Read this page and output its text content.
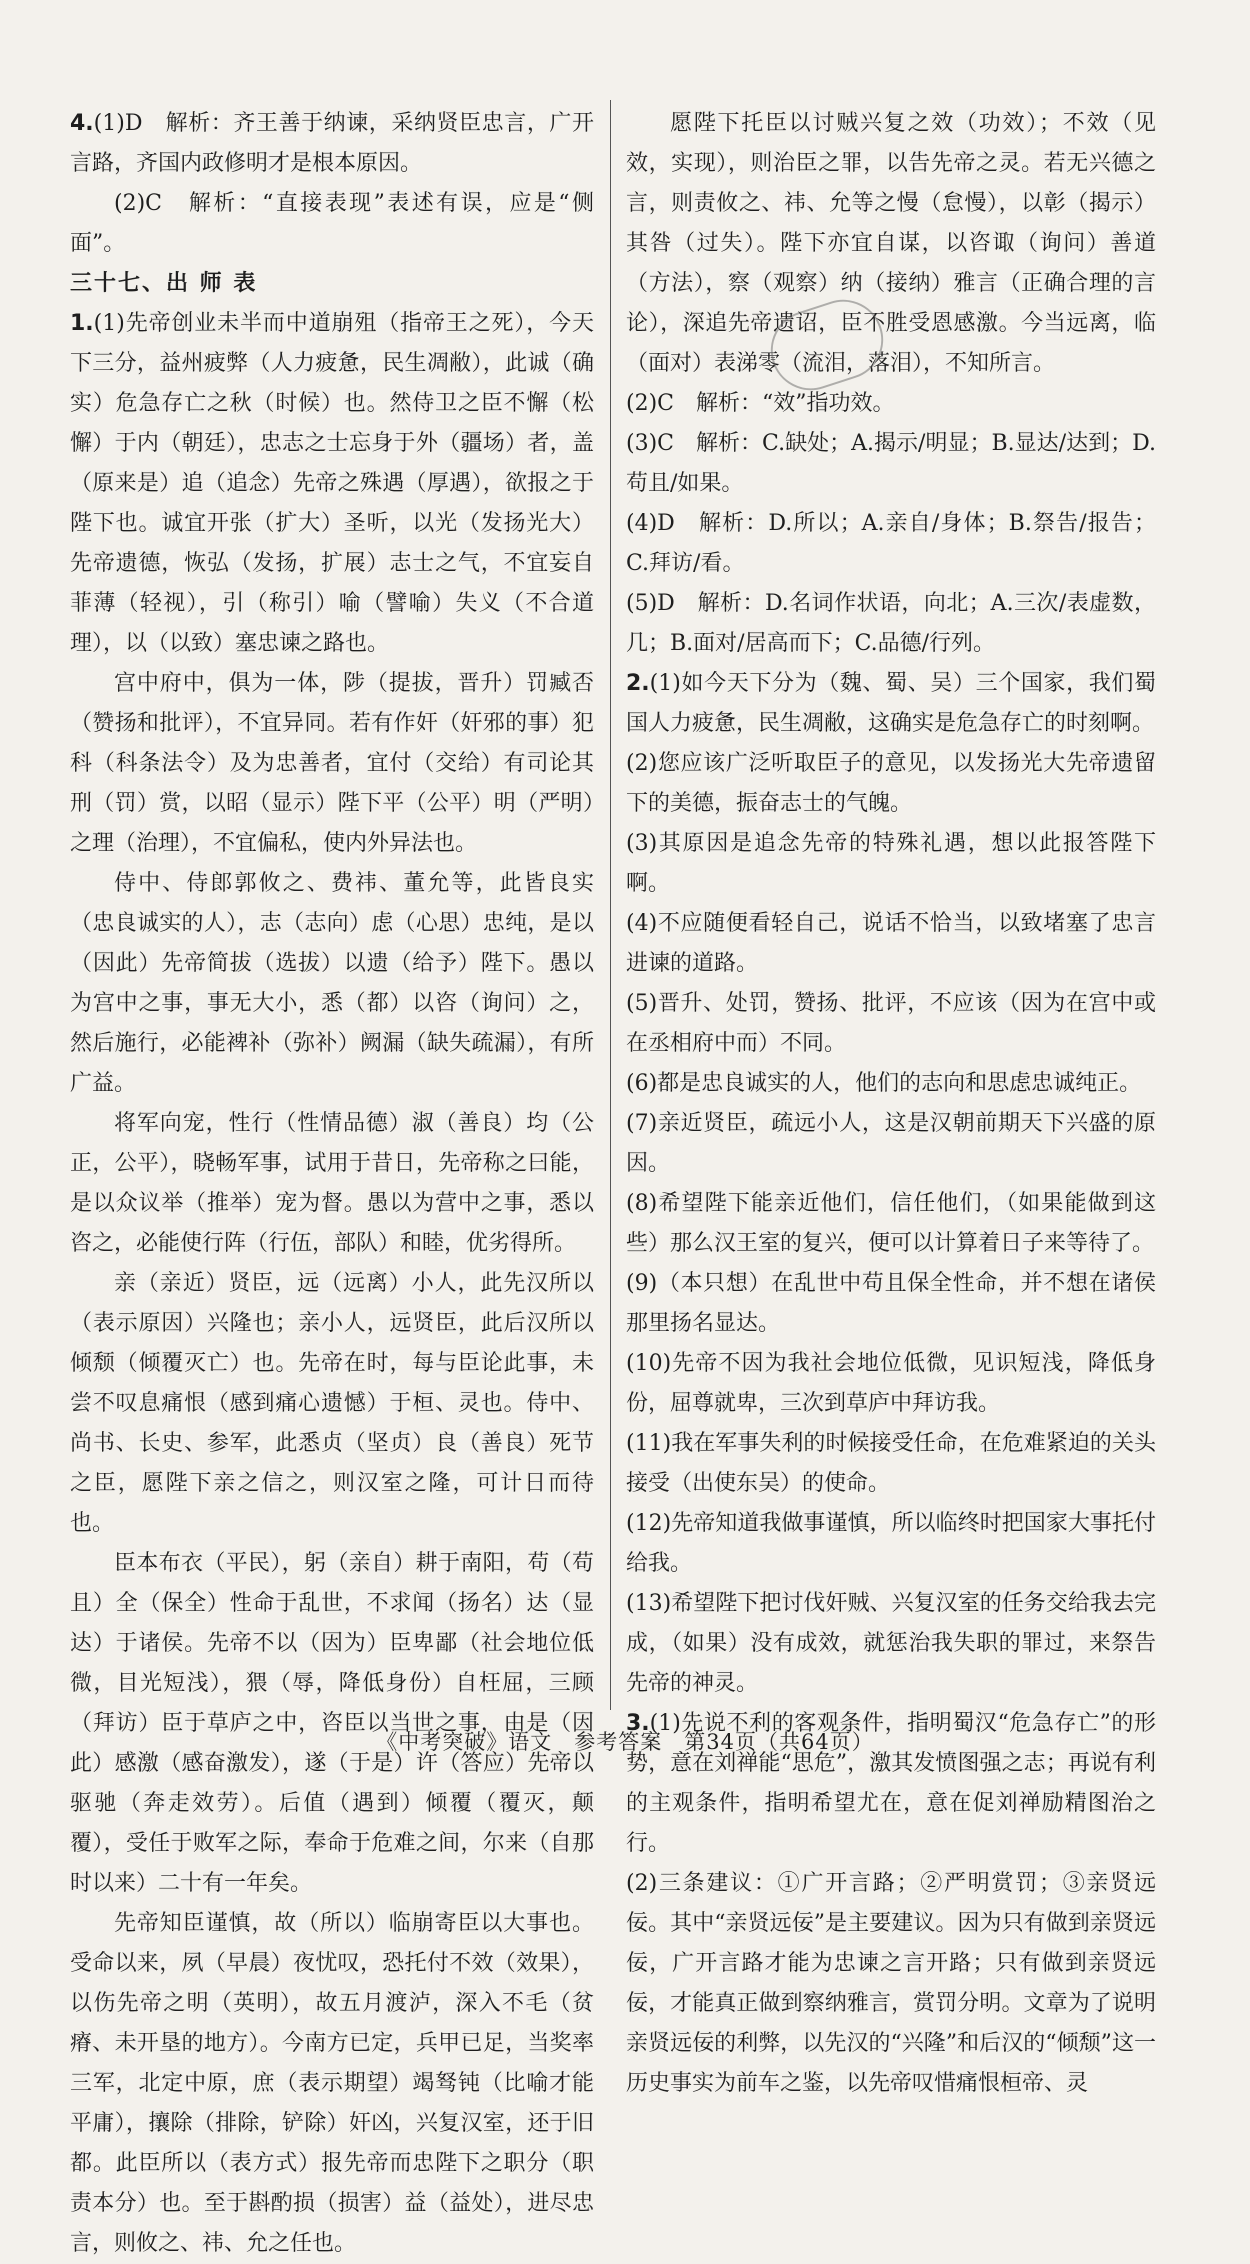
4.(1)D　解析：齐王善于纳谏，采纳贤臣忠言，广开言路，齐国内政修明才是根本原因。

(2)C　解析：“直接表现”表述有误，应是“侧面”。

三十七、出 师 表

1.(1)先帝创业未半而中道崩殂（指帝王之死），今天下三分，益州疲弊（人力疲惫，民生凋敝），此诚（确实）危急存亡之秋（时候）也。然侍卫之臣不懈（松懈）于内（朝廷），忠志之士忘身于外（疆场）者，盖（原来是）追（追念）先帝之殊遇（厚遇），欲报之于陛下也。诚宜开张（扩大）圣听，以光（发扬光大）先帝遗德，恢弘（发扬，扩展）志士之气，不宜妄自菲薄（轻视），引（称引）喻（譬喻）失义（不合道理），以（以致）塞忠谏之路也。

宫中府中，俱为一体，陟（提拔，晋升）罚臧否（赞扬和批评），不宜异同。若有作奸（奸邪的事）犯科（科条法令）及为忠善者，宜付（交给）有司论其刑（罚）赏，以昭（显示）陛下平（公平）明（严明）之理（治理），不宜偏私，使内外异法也。

侍中、侍郎郭攸之、费祎、董允等，此皆良实（忠良诚实的人），志（志向）虑（心思）忠纯，是以（因此）先帝简拔（选拔）以遗（给予）陛下。愚以为宫中之事，事无大小，悉（都）以咨（询问）之，然后施行，必能裨补（弥补）阙漏（缺失疏漏），有所广益。

将军向宠，性行（性情品德）淑（善良）均（公正，公平），晓畅军事，试用于昔日，先帝称之曰能，是以众议举（推举）宠为督。愚以为营中之事，悉以咨之，必能使行阵（行伍，部队）和睦，优劣得所。

亲（亲近）贤臣，远（远离）小人，此先汉所以（表示原因）兴隆也；亲小人，远贤臣，此后汉所以倾颓（倾覆灭亡）也。先帝在时，每与臣论此事，未尝不叹息痛恨（感到痛心遗憾）于桓、灵也。侍中、尚书、长史、参军，此悉贞（坚贞）良（善良）死节之臣，愿陛下亲之信之，则汉室之隆，可计日而待也。

臣本布衣（平民），躬（亲自）耕于南阳，苟（苟且）全（保全）性命于乱世，不求闻（扬名）达（显达）于诸侯。先帝不以（因为）臣卑鄙（社会地位低微，目光短浅），猥（辱，降低身份）自枉屈，三顾（拜访）臣于草庐之中，咨臣以当世之事，由是（因此）感激（感奋激发），遂（于是）许（答应）先帝以驱驰（奔走效劳）。后值（遇到）倾覆（覆灭，颠覆），受任于败军之际，奉命于危难之间，尔来（自那时以来）二十有一年矣。

先帝知臣谨慎，故（所以）临崩寄臣以大事也。受命以来，夙（早晨）夜忧叹，恐托付不效（效果），以伤先帝之明（英明），故五月渡泸，深入不毛（贫瘠、未开垦的地方）。今南方已定，兵甲已足，当奖率三军，北定中原，庶（表示期望）竭驽钝（比喻才能平庸），攘除（排除，铲除）奸凶，兴复汉室，还于旧都。此臣所以（表方式）报先帝而忠陛下之职分（职责本分）也。至于斟酌损（损害）益（益处），进尽忠言，则攸之、祎、允之任也。

愿陛下托臣以讨贼兴复之效（功效）；不效（见效，实现），则治臣之罪，以告先帝之灵。若无兴德之言，则责攸之、祎、允等之慢（怠慢），以彰（揭示）其咎（过失）。陛下亦宜自谋，以咨诹（询问）善道（方法），察（观察）纳（接纳）雅言（正确合理的言论），深追先帝遗诏，臣不胜受恩感激。今当远离，临（面对）表涕零（流泪，落泪），不知所言。

(2)C　解析：“效”指功效。

(3)C　解析：C.缺处；A.揭示/明显；B.显达/达到；D.苟且/如果。

(4)D　解析：D.所以；A.亲自/身体；B.祭告/报告；C.拜访/看。

(5)D　解析：D.名词作状语，向北；A.三次/表虚数，几；B.面对/居高而下；C.品德/行列。

2.(1)如今天下分为（魏、蜀、吴）三个国家，我们蜀国人力疲惫，民生凋敝，这确实是危急存亡的时刻啊。

(2)您应该广泛听取臣子的意见，以发扬光大先帝遗留下的美德，振奋志士的气魄。

(3)其原因是追念先帝的特殊礼遇，想以此报答陛下啊。

(4)不应随便看轻自己，说话不恰当，以致堵塞了忠言进谏的道路。

(5)晋升、处罚，赞扬、批评，不应该（因为在宫中或在丞相府中而）不同。

(6)都是忠良诚实的人，他们的志向和思虑忠诚纯正。

(7)亲近贤臣，疏远小人，这是汉朝前期天下兴盛的原因。

(8)希望陛下能亲近他们，信任他们，（如果能做到这些）那么汉王室的复兴，便可以计算着日子来等待了。

(9)（本只想）在乱世中苟且保全性命，并不想在诸侯那里扬名显达。

(10)先帝不因为我社会地位低微，见识短浅，降低身份，屈尊就卑，三次到草庐中拜访我。

(11)我在军事失利的时候接受任命，在危难紧迫的关头接受（出使东吴）的使命。

(12)先帝知道我做事谨慎，所以临终时把国家大事托付给我。

(13)希望陛下把讨伐奸贼、兴复汉室的任务交给我去完成，（如果）没有成效，就惩治我失职的罪过，来祭告先帝的神灵。

3.(1)先说不利的客观条件，指明蜀汉“危急存亡”的形势，意在刘禅能“思危”，激其发愤图强之志；再说有利的主观条件，指明希望尤在，意在促刘禅励精图治之行。

(2)三条建议：①广开言路；②严明赏罚；③亲贤远佞。其中“亲贤远佞”是主要建议。因为只有做到亲贤远佞，广开言路才能为忠谏之言开路；只有做到亲贤远佞，才能真正做到察纳雅言，赏罚分明。文章为了说明亲贤远佞的利弊，以先汉的“兴隆”和后汉的“倾颓”这一历史事实为前车之鉴，以先帝叹惜痛恨桓帝、灵

《中考突破》语文　参考答案　第34页（共64页）
